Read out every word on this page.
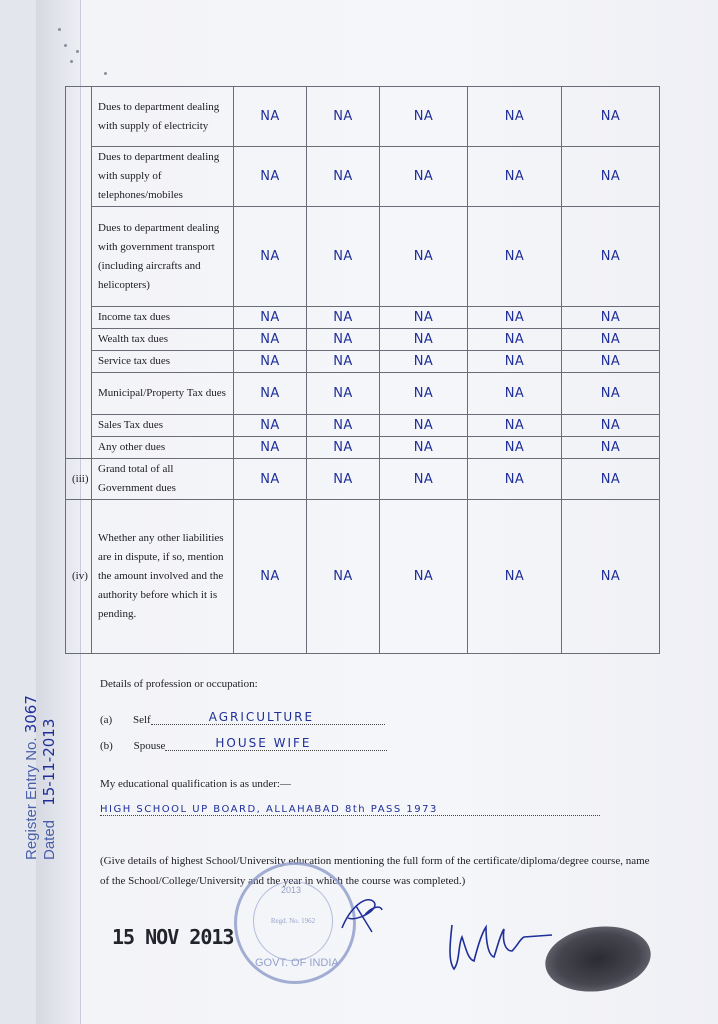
	Dues to department dealing with supply of electricity	NA	NA	NA	NA	NA
	Dues to department dealing with supply of telephones/mobiles	NA	NA	NA	NA	NA
	Dues to department dealing with government transport (including aircrafts and helicopters)	NA	NA	NA	NA	NA
	Income tax dues	NA	NA	NA	NA	NA
	Wealth tax dues	NA	NA	NA	NA	NA
	Service tax dues	NA	NA	NA	NA	NA
	Municipal/Property Tax dues	NA	NA	NA	NA	NA
	Sales Tax dues	NA	NA	NA	NA	NA
	Any other dues	NA	NA	NA	NA	NA
(iii)	Grand total of all Government dues	NA	NA	NA	NA	NA
(iv)	Whether any other liabilities are in dispute, if so, mention the amount involved and the authority before which it is pending.	NA	NA	NA	NA	NA
Details of profession or occupation:
(a) Self	AGRICULTURE
(b) Spouse	HOUSE WIFE
My educational qualification is as under:—
HIGH SCHOOL UP BOARD, ALLAHABAD 8th PASS 1973
(Give details of highest School/University education mentioning the full form of the certificate/diploma/degree course, name of the School/College/University and the year in which the course was completed.)
Register Entry No. 3067
Dated 15-11-2013
15 NOV 2013
Regd. No. 1962
2013
GOVT. OF INDIA
